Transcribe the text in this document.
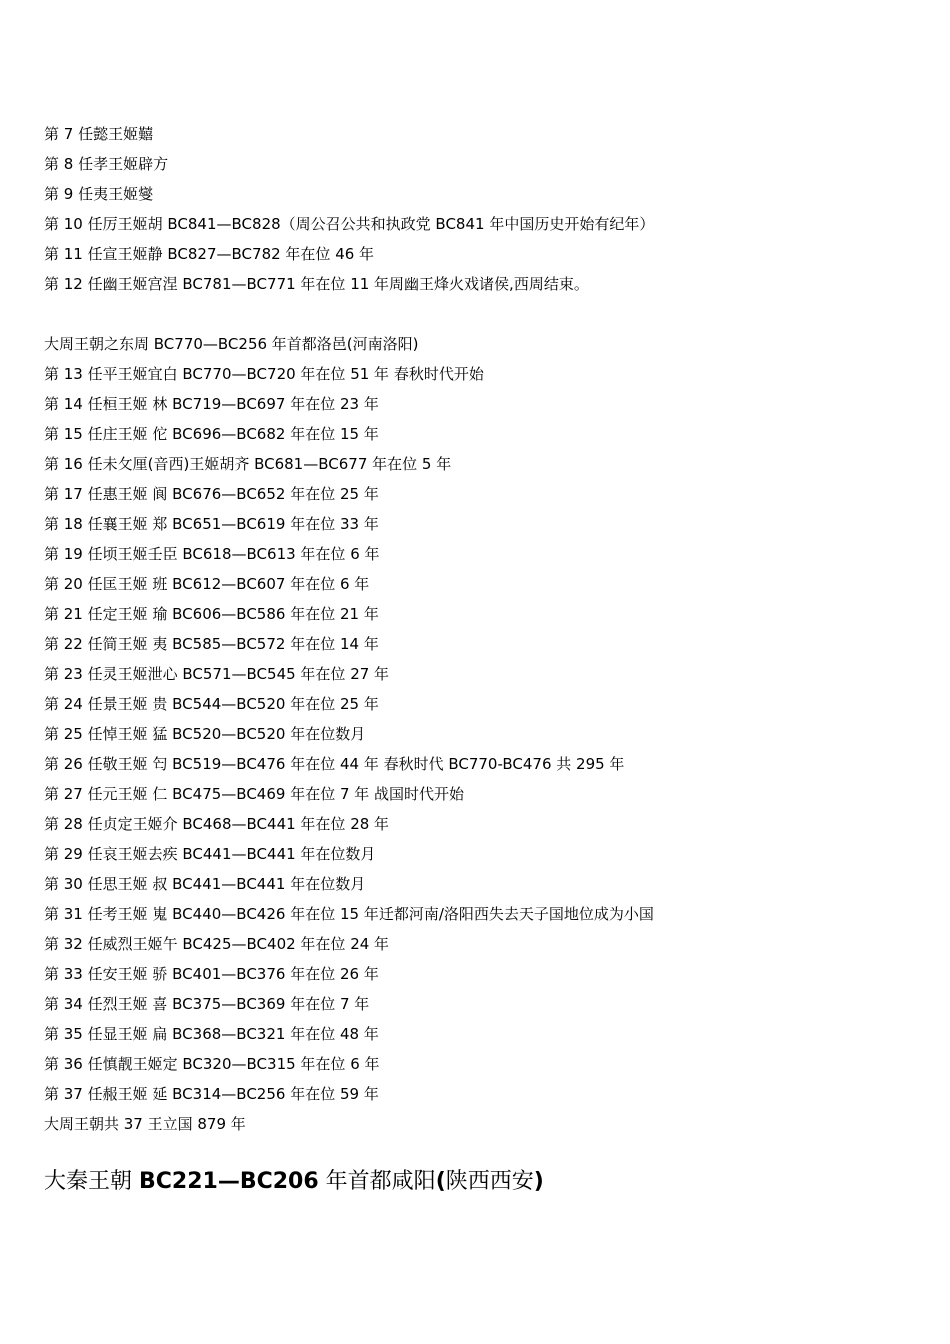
第 7 任懿王姬囏
第 8 任孝王姬辟方
第 9 任夷王姬燮
第 10 任厉王姬胡 BC841—BC828（周公召公共和执政党 BC841 年中国历史开始有纪年）
第 11 任宣王姬静 BC827—BC782 年在位 46 年
第 12 任幽王姬宫涅 BC781—BC771 年在位 11 年周幽王烽火戏诸侯,西周结束。
大周王朝之东周 BC770—BC256 年首都洛邑(河南洛阳)
第 13 任平王姬宜白 BC770—BC720 年在位 51 年 春秋时代开始
第 14 任桓王姬 林 BC719—BC697 年在位 23 年
第 15 任庄王姬 佗 BC696—BC682 年在位 15 年
第 16 任未攵厘(音西)王姬胡齐 BC681—BC677 年在位 5 年
第 17 任惠王姬 阆 BC676—BC652 年在位 25 年
第 18 任襄王姬 郑 BC651—BC619 年在位 33 年
第 19 任顷王姬壬臣 BC618—BC613 年在位 6 年
第 20 任匡王姬 班 BC612—BC607 年在位 6 年
第 21 任定王姬 瑜 BC606—BC586 年在位 21 年
第 22 任简王姬 夷 BC585—BC572 年在位 14 年
第 23 任灵王姬泄心 BC571—BC545 年在位 27 年
第 24 任景王姬 贵 BC544—BC520 年在位 25 年
第 25 任悼王姬 猛 BC520—BC520 年在位数月
第 26 任敬王姬 匄 BC519—BC476 年在位 44 年 春秋时代 BC770-BC476 共 295 年
第 27 任元王姬 仁 BC475—BC469 年在位 7 年 战国时代开始
第 28 任贞定王姬介 BC468—BC441 年在位 28 年
第 29 任哀王姬去疾 BC441—BC441 年在位数月
第 30 任思王姬 叔 BC441—BC441 年在位数月
第 31 任考王姬 嵬 BC440—BC426 年在位 15 年迁都河南/洛阳西失去天子国地位成为小国
第 32 任威烈王姬午 BC425—BC402 年在位 24 年
第 33 任安王姬 骄 BC401—BC376 年在位 26 年
第 34 任烈王姬 喜 BC375—BC369 年在位 7 年
第 35 任显王姬 扁 BC368—BC321 年在位 48 年
第 36 任慎靓王姬定 BC320—BC315 年在位 6 年
第 37 任赧王姬 延 BC314—BC256 年在位 59 年
大周王朝共 37 王立国 879 年
大秦王朝 BC221—BC206 年首都咸阳(陕西西安)
